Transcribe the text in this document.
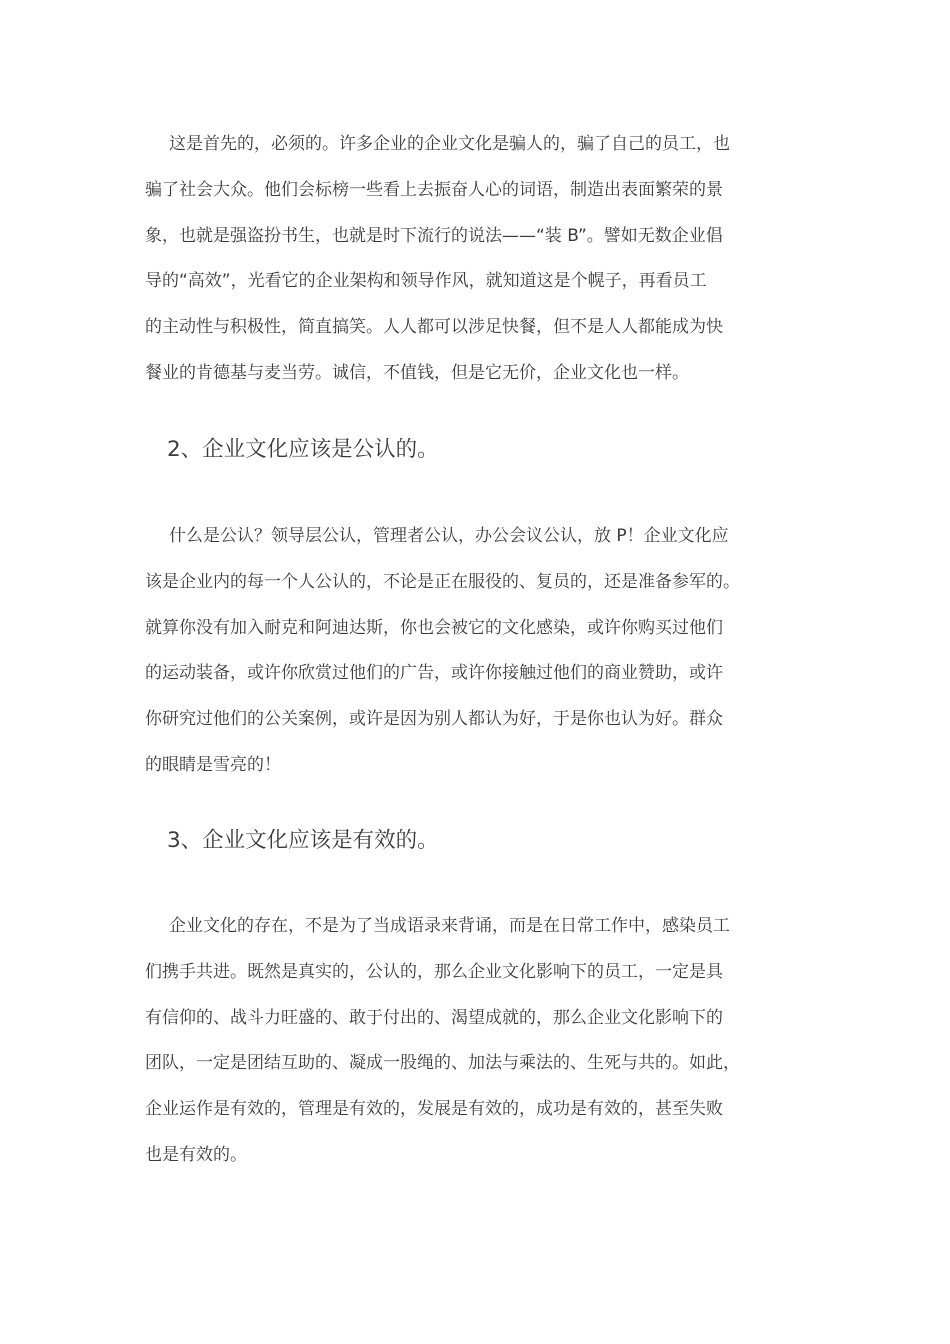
这是首先的，必须的。许多企业的企业文化是骗人的，骗了自己的员工，也

骗了社会大众。他们会标榜一些看上去振奋人心的词语，制造出表面繁荣的景

象，也就是强盗扮书生，也就是时下流行的说法——“装 B”。譬如无数企业倡

导的“高效”，光看它的企业架构和领导作风，就知道这是个幌子，再看员工

的主动性与积极性，简直搞笑。人人都可以涉足快餐，但不是人人都能成为快

餐业的肯德基与麦当劳。诚信，不值钱，但是它无价，企业文化也一样。

2、企业文化应该是公认的。

什么是公认？领导层公认，管理者公认，办公会议公认，放 P！企业文化应

该是企业内的每一个人公认的，不论是正在服役的、复员的，还是准备参军的。

就算你没有加入耐克和阿迪达斯，你也会被它的文化感染，或许你购买过他们

的运动装备，或许你欣赏过他们的广告，或许你接触过他们的商业赞助，或许

你研究过他们的公关案例，或许是因为别人都认为好，于是你也认为好。群众

的眼睛是雪亮的！

3、企业文化应该是有效的。

企业文化的存在，不是为了当成语录来背诵，而是在日常工作中，感染员工

们携手共进。既然是真实的，公认的，那么企业文化影响下的员工，一定是具

有信仰的、战斗力旺盛的、敢于付出的、渴望成就的，那么企业文化影响下的

团队，一定是团结互助的、凝成一股绳的、加法与乘法的、生死与共的。如此，

企业运作是有效的，管理是有效的，发展是有效的，成功是有效的，甚至失败

也是有效的。
